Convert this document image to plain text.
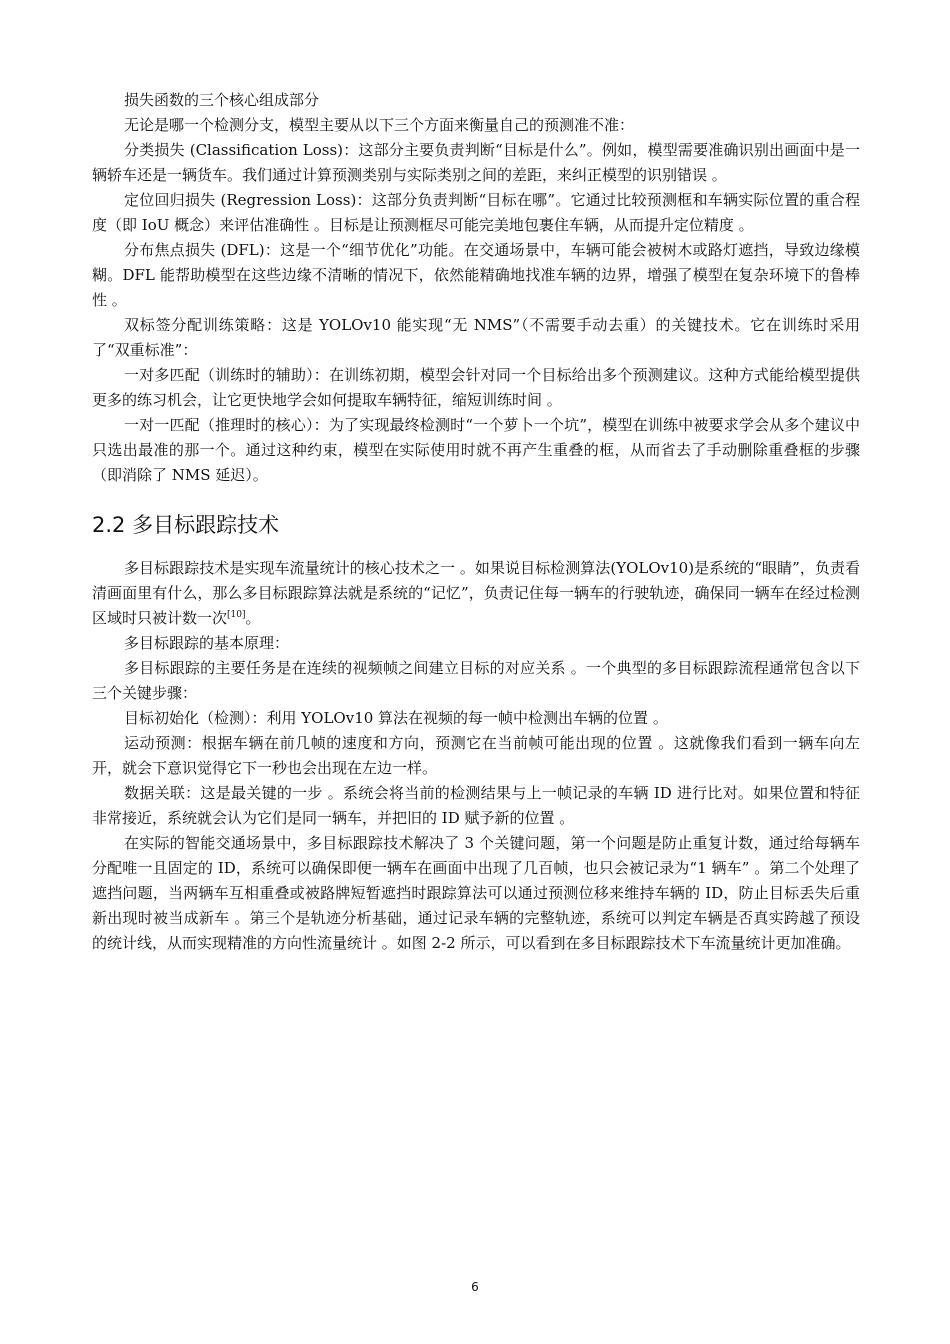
损失函数的三个核心组成部分

无论是哪一个检测分支，模型主要从以下三个方面来衡量自己的预测准不准：

分类损失 (Classification Loss)：这部分主要负责判断“目标是什么”。例如，模型需要准确识别出画面中是一辆轿车还是一辆货车。我们通过计算预测类别与实际类别之间的差距，来纠正模型的识别错误 。

定位回归损失 (Regression Loss)：这部分负责判断“目标在哪”。它通过比较预测框和车辆实际位置的重合程度（即 IoU 概念）来评估准确性 。目标是让预测框尽可能完美地包裹住车辆，从而提升定位精度 。

分布焦点损失 (DFL)：这是一个“细节优化”功能。在交通场景中，车辆可能会被树木或路灯遮挡，导致边缘模糊。DFL 能帮助模型在这些边缘不清晰的情况下，依然能精确地找准车辆的边界，增强了模型在复杂环境下的鲁棒性 。

双标签分配训练策略：这是 YOLOv10 能实现“无 NMS”（不需要手动去重）的关键技术。它在训练时采用了“双重标准”：

一对多匹配（训练时的辅助）：在训练初期，模型会针对同一个目标给出多个预测建议。这种方式能给模型提供更多的练习机会，让它更快地学会如何提取车辆特征，缩短训练时间 。

一对一匹配（推理时的核心）：为了实现最终检测时“一个萝卜一个坑”，模型在训练中被要求学会从多个建议中只选出最准的那一个。通过这种约束，模型在实际使用时就不再产生重叠的框，从而省去了手动删除重叠框的步骤（即消除了 NMS 延迟）。

2.2 多目标跟踪技术

多目标跟踪技术是实现车流量统计的核心技术之一 。如果说目标检测算法(YOLOv10)是系统的“眼睛”，负责看清画面里有什么，那么多目标跟踪算法就是系统的“记忆”，负责记住每一辆车的行驶轨迹，确保同一辆车在经过检测区域时只被计数一次[10]。

多目标跟踪的基本原理：

多目标跟踪的主要任务是在连续的视频帧之间建立目标的对应关系 。一个典型的多目标跟踪流程通常包含以下三个关键步骤：

目标初始化（检测）：利用 YOLOv10 算法在视频的每一帧中检测出车辆的位置 。

运动预测：根据车辆在前几帧的速度和方向，预测它在当前帧可能出现的位置 。这就像我们看到一辆车向左开，就会下意识觉得它下一秒也会出现在左边一样。

数据关联：这是最关键的一步 。系统会将当前的检测结果与上一帧记录的车辆 ID 进行比对。如果位置和特征非常接近，系统就会认为它们是同一辆车，并把旧的 ID 赋予新的位置 。

在实际的智能交通场景中，多目标跟踪技术解决了 3 个关键问题，第一个问题是防止重复计数，通过给每辆车分配唯一且固定的 ID，系统可以确保即便一辆车在画面中出现了几百帧，也只会被记录为“1 辆车” 。第二个处理了遮挡问题，当两辆车互相重叠或被路牌短暂遮挡时跟踪算法可以通过预测位移来维持车辆的 ID，防止目标丢失后重新出现时被当成新车 。第三个是轨迹分析基础，通过记录车辆的完整轨迹，系统可以判定车辆是否真实跨越了预设的统计线，从而实现精准的方向性流量统计 。如图 2-2 所示，可以看到在多目标跟踪技术下车流量统计更加准确。

6
